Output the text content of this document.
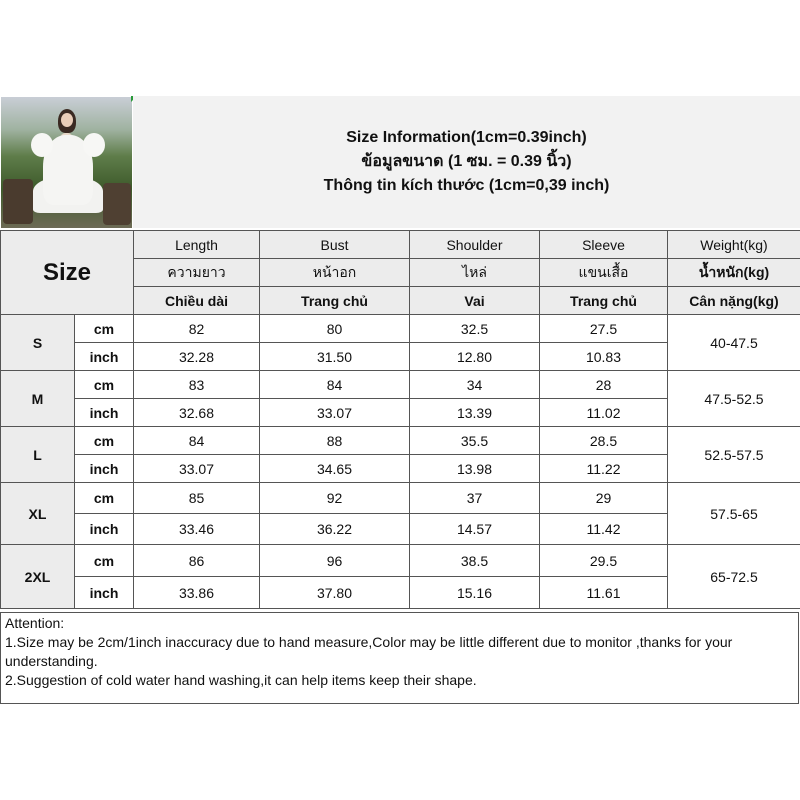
Size Information(1cm=0.39inch)
ข้อมูลขนาด (1 ซม. = 0.39 นิ้ว)
Thông tin kích thước (1cm=0,39 inch)
Size		Length	Bust	Shoulder	Sleeve	Weight(kg)
		ความยาว	หน้าอก	ไหล่	แขนเสื้อ	น้ำหนัก(kg)
		Chiều dài	Trang chủ	Vai	Trang chủ	Cân nặng(kg)
S	cm	82	80	32.5	27.5	40-47.5
	inch	32.28	31.50	12.80	10.83	
M	cm	83	84	34	28	47.5-52.5
	inch	32.68	33.07	13.39	11.02	
L	cm	84	88	35.5	28.5	52.5-57.5
	inch	33.07	34.65	13.98	11.22	
XL	cm	85	92	37	29	57.5-65
	inch	33.46	36.22	14.57	11.42	
2XL	cm	86	96	38.5	29.5	65-72.5
	inch	33.86	37.80	15.16	11.61	
Attention:
1.Size may be 2cm/1inch inaccuracy due to hand measure,Color may be little different due to monitor ,thanks for your understanding.
2.Suggestion of cold water hand washing,it can help items keep their shape.
